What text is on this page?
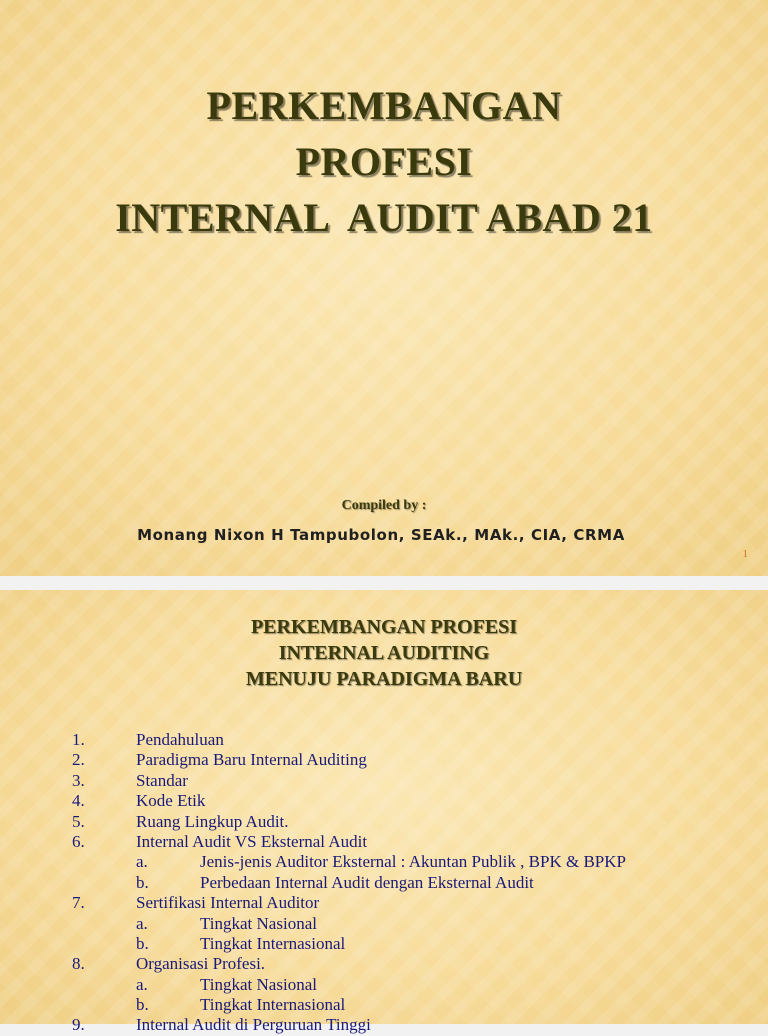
PERKEMBANGAN
PROFESI
INTERNAL  AUDIT ABAD 21
Compiled by :
Monang Nixon H Tampubolon, SEAk., MAk., CIA, CRMA
1
PERKEMBANGAN PROFESI
INTERNAL AUDITING
MENUJU PARADIGMA BARU
1.	Pendahuluan
2.	Paradigma Baru Internal Auditing
3.	Standar
4.	Kode Etik
5.	Ruang Lingkup Audit.
6.	Internal Audit VS Eksternal Audit
a.	Jenis-jenis Auditor Eksternal : Akuntan Publik , BPK & BPKP
b.	Perbedaan Internal Audit dengan Eksternal Audit
7.	Sertifikasi Internal Auditor
a.	Tingkat Nasional
b.	Tingkat Internasional
8.	Organisasi Profesi.
a.	Tingkat Nasional
b.	Tingkat Internasional
9.	Internal Audit di Perguruan Tinggi
